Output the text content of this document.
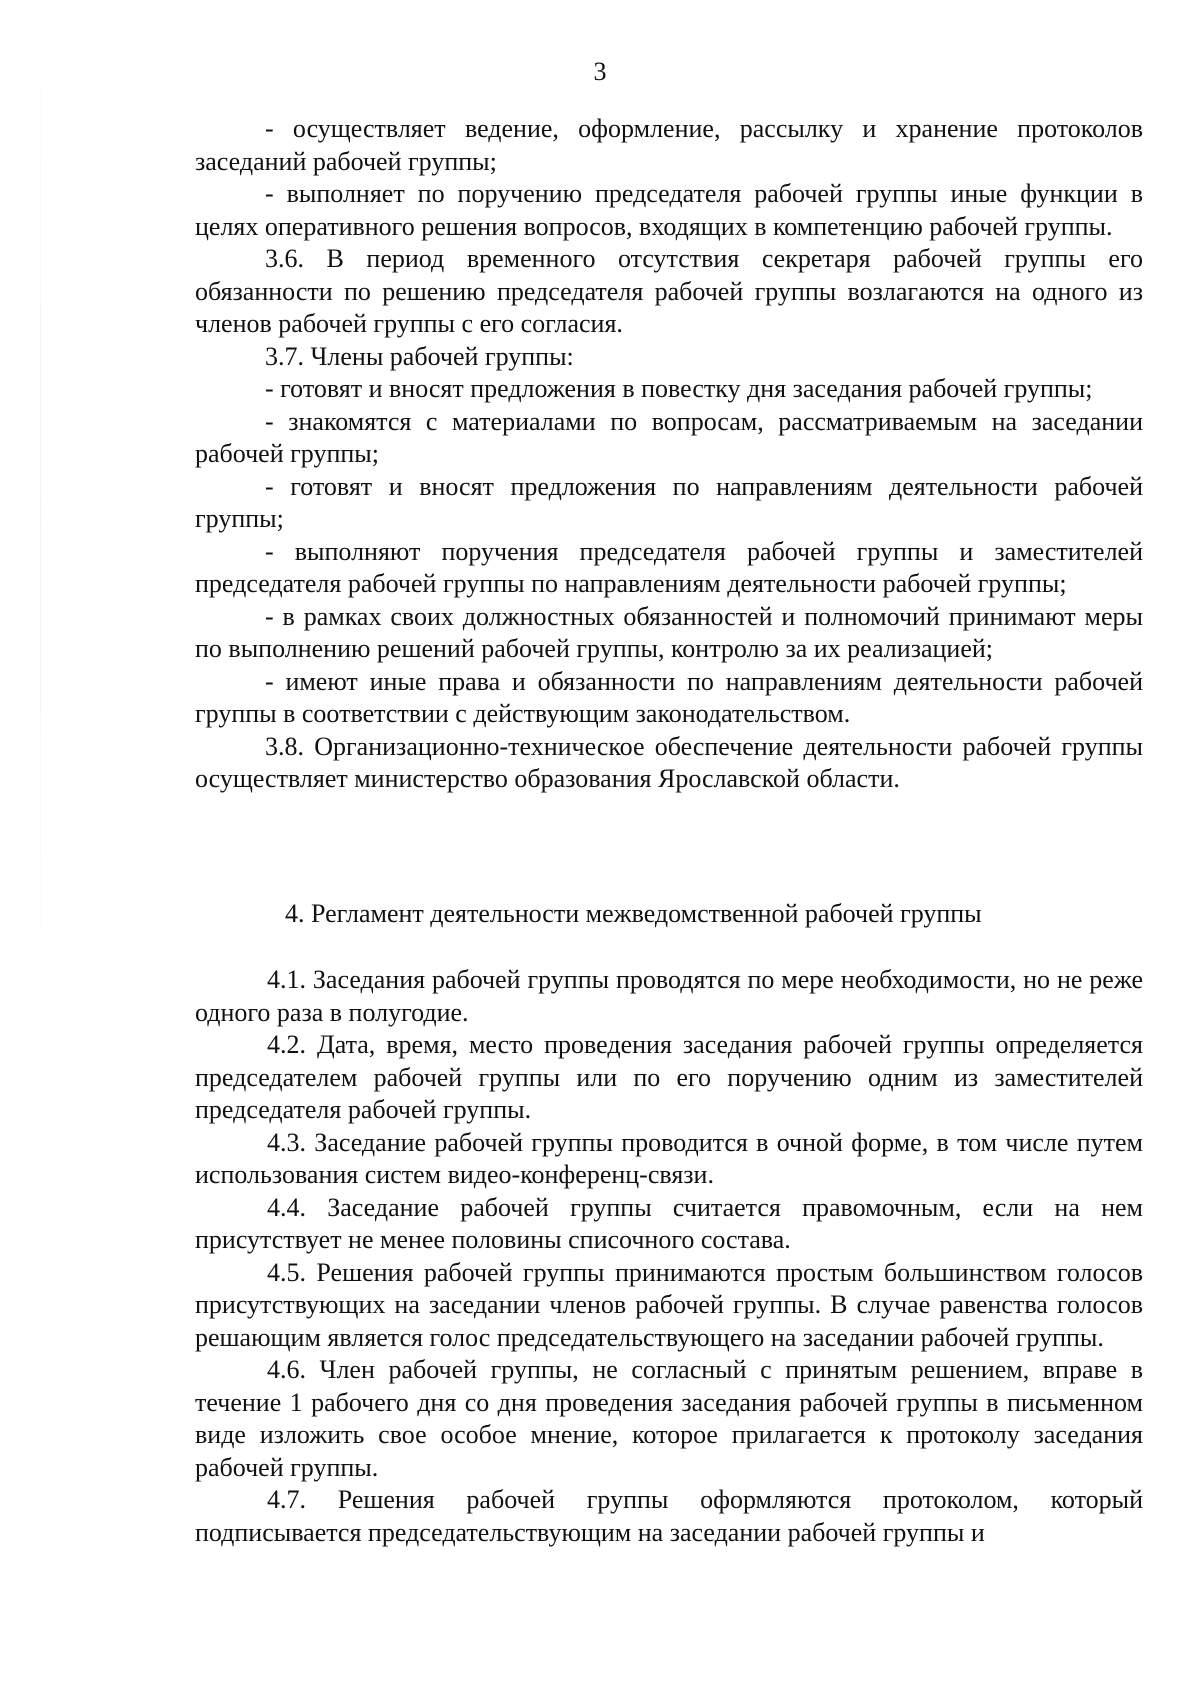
3

- осуществляет ведение, оформление, рассылку и хранение протоколов заседаний рабочей группы;

- выполняет по поручению председателя рабочей группы иные функции в целях оперативного решения вопросов, входящих в компетенцию рабочей группы.

3.6. В период временного отсутствия секретаря рабочей группы его обязанности по решению председателя рабочей группы возлагаются на одного из членов рабочей группы с его согласия.

3.7. Члены рабочей группы:

- готовят и вносят предложения в повестку дня заседания рабочей группы;

- знакомятся с материалами по вопросам, рассматриваемым на заседании рабочей группы;

- готовят и вносят предложения по направлениям деятельности рабочей группы;

- выполняют поручения председателя рабочей группы и заместителей председателя рабочей группы по направлениям деятельности рабочей группы;

- в рамках своих должностных обязанностей и полномочий принимают меры по выполнению решений рабочей группы, контролю за их реализацией;

- имеют иные права и обязанности по направлениям деятельности рабочей группы в соответствии с действующим законодательством.

3.8. Организационно-техническое обеспечение деятельности рабочей группы осуществляет министерство образования Ярославской области.

4. Регламент деятельности межведомственной рабочей группы

4.1. Заседания рабочей группы проводятся по мере необходимости, но не реже одного раза в полугодие.

4.2. Дата, время, место проведения заседания рабочей группы определяется председателем рабочей группы или по его поручению одним из заместителей председателя рабочей группы.

4.3. Заседание рабочей группы проводится в очной форме, в том числе путем использования систем видео-конференц-связи.

4.4. Заседание рабочей группы считается правомочным, если на нем присутствует не менее половины списочного состава.

4.5. Решения рабочей группы принимаются простым большинством голосов присутствующих на заседании членов рабочей группы. В случае равенства голосов решающим является голос председательствующего на заседании рабочей группы.

4.6. Член рабочей группы, не согласный с принятым решением, вправе в течение 1 рабочего дня со дня проведения заседания рабочей группы в письменном виде изложить свое особое мнение, которое прилагается к протоколу заседания рабочей группы.

4.7. Решения рабочей группы оформляются протоколом, который подписывается председательствующим на заседании рабочей группы и
